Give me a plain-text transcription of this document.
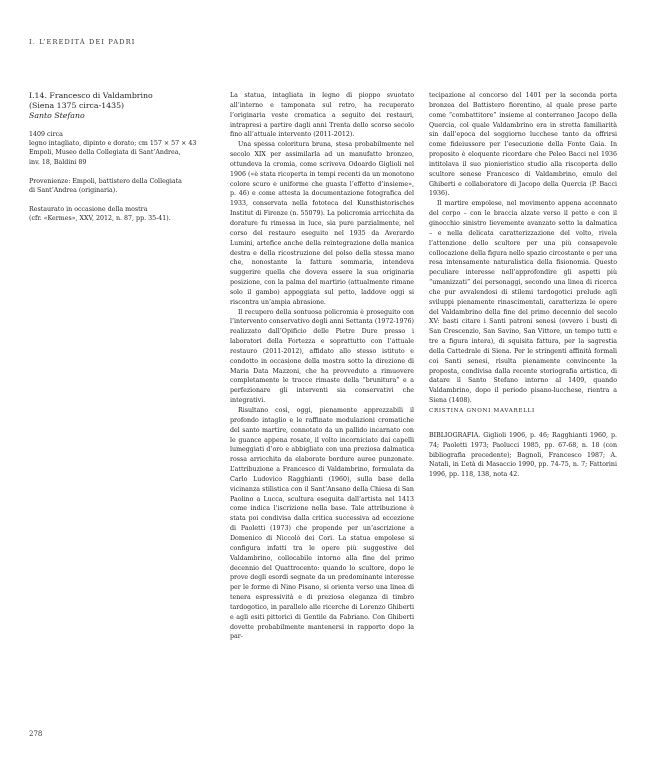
I. L’EREDITÀ DEI PADRI

I.14. Francesco di Valdambrino

(Siena 1375 circa-1435)

Santo Stefano

1409 circa

legno intagliato, dipinto e dorato; cm 157 × 57 × 43

Empoli, Museo della Collegiata di Sant’Andrea,

inv. 18, Baldini 89

Provenienze: Empoli, battistero della Collegiata

di Sant’Andrea (originaria).

Restaurato in occasione della mostra

(cfr. «Kermes», XXV, 2012, n. 87, pp. 35-41).

La statua, intagliata in legno di pioppo svuotato all’interno e tamponata sul retro, ha recuperato l’originaria veste cromatica a seguito dei restauri, intrapresi a partire dagli anni Trenta dello scorso secolo fino all’attuale intervento (2011-2012).

Una spessa coloritura bruna, stesa probabilmente nel secolo XIX per assimilarla ad un manufatto bronzeo, ottundeva la cromia, come scriveva Odoardo Giglioli nel 1906 («è stata ricoperta in tempi recenti da un monotono colore scuro e uniforme che guasta l’effetto d’insieme», p. 46) e come attesta la documentazione fotografica del 1933, conservata nella fototeca del Kunsthistorisches Institut di Firenze (n. 55079). La policromia arricchita da dorature fu rimessa in luce, sia pure parzialmente, nel corso del restauro eseguito nel 1935 da Averardo Lumini, artefice anche della reintegrazione della manica destra e della ricostruzione del polso della stessa mano che, nonostante la fattura sommaria, intendeva suggerire quella che doveva essere la sua originaria posizione, con la palma del martirio (attualmente rimane solo il gambo) appoggiata sul petto, laddove oggi si riscontra un’ampia abrasione.

Il recupero della sontuosa policromia è proseguito con l’intervento conservativo degli anni Settanta (1972-1976) realizzato dall’Opificio delle Pietre Dure presso i laboratori della Fortezza e soprattutto con l’attuale restauro (2011-2012), affidato allo stesso istituto e condotto in occasione della mostra sotto la direzione di Maria Data Mazzoni, che ha provveduto a rimuovere completamente le tracce rimaste della “brunitura” e a perfezionare gli interventi sia conservativi che integrativi.

Risultano così, oggi, pienamente apprezzabili il profondo intaglio e le raffinate modulazioni cromatiche del santo martire, connotato da un pallido incarnato con le guance appena rosate, il volto incorniciato dai capelli lumeggiati d’oro e abbigliato con una preziosa dalmatica rossa arricchita da elaborate bordure auree punzonate. L’attribuzione a Francesco di Valdambrino, formulata da Carlo Ludovico Ragghianti (1960), sulla base della vicinanza stilistica con il Sant’Ansano della Chiesa di San Paolino a Lucca, scultura eseguita dall’artista nel 1413 come indica l’iscrizione nella base. Tale attribuzione è stata poi condivisa dalla critica successiva ad eccezione di Paoletti (1973) che propende per un’ascrizione a Domenico di Niccolò dei Cori. La statua empolese si configura infatti tra le opere più suggestive del Valdambrino, collocabile intorno alla fine del primo decennio del Quattrocento: quando lo scultore, dopo le prove degli esordi segnate da un predominante interesse per le forme di Nino Pisano, si orienta verso una linea di tenera espressività e di preziosa eleganza di timbro tardogotico, in parallelo alle ricerche di Lorenzo Ghiberti e agli esiti pittorici di Gentile da Fabriano. Con Ghiberti dovette probabilmente mantenersi in rapporto dopo la par-

tecipazione al concorso del 1401 per la seconda porta bronzea del Battistero fiorentino, al quale prese parte come “combattitore” insieme al conterraneo Jacopo della Quercia, col quale Valdambrino era in stretta familiarità sin dall’epoca del soggiorno lucchese tanto da offrirsi come fideiussore per l’esecuzione della Fonte Gaia. In proposito è eloquente ricordare che Peleo Bacci nel 1936 intitolava il suo pionieristico studio alla riscoperta dello scultore senese Francesco di Valdambrino, emulo del Ghiberti e collaboratore di Jacopo della Quercia (P. Bacci 1936).

Il martire empolese, nel movimento appena accennato del corpo – con le braccia alzate verso il petto e con il ginocchio sinistro lievemente avanzato sotto la dalmatica – e nella delicata caratterizzazione del volto, rivela l’attenzione dello scultore per una più consapevole collocazione della figura nello spazio circostante e per una resa intensamente naturalistica della fisionomia. Questo peculiare interesse nell’approfondire gli aspetti più “umanizzati” dei personaggi, secondo una linea di ricerca che pur avvalendosi di stilemi tardogotici prelude agli sviluppi pienamente rinascimentali, caratterizza le opere del Valdambrino della fine del primo decennio del secolo XV: basti citare i Santi patroni senesi (ovvero i busti di San Crescenzio, San Savino, San Vittore, un tempo tutti e tre a figura intera), di squisita fattura, per la sagrestia della Cattedrale di Siena. Per le stringenti affinità formali coi Santi senesi, risulta pienamente convincente la proposta, condivisa dalla recente storiografia artistica, di datare il Santo Stefano intorno al 1409, quando Valdambrino, dopo il periodo pisano-lucchese, rientra a Siena (1408).

CRISTINA GNONI MAVARELLI

BIBLIOGRAFIA. Giglioli 1906, p. 46; Ragghianti 1960, p. 74; Paoletti 1973; Paolucci 1985, pp. 67-68, n. 18 (con bibliografia precedente); Bagnoli, Francesco 1987; A. Natali, in L’età di Masaccio 1990, pp. 74-75, n. 7; Fattorini 1996, pp. 118, 138, nota 42.

278
